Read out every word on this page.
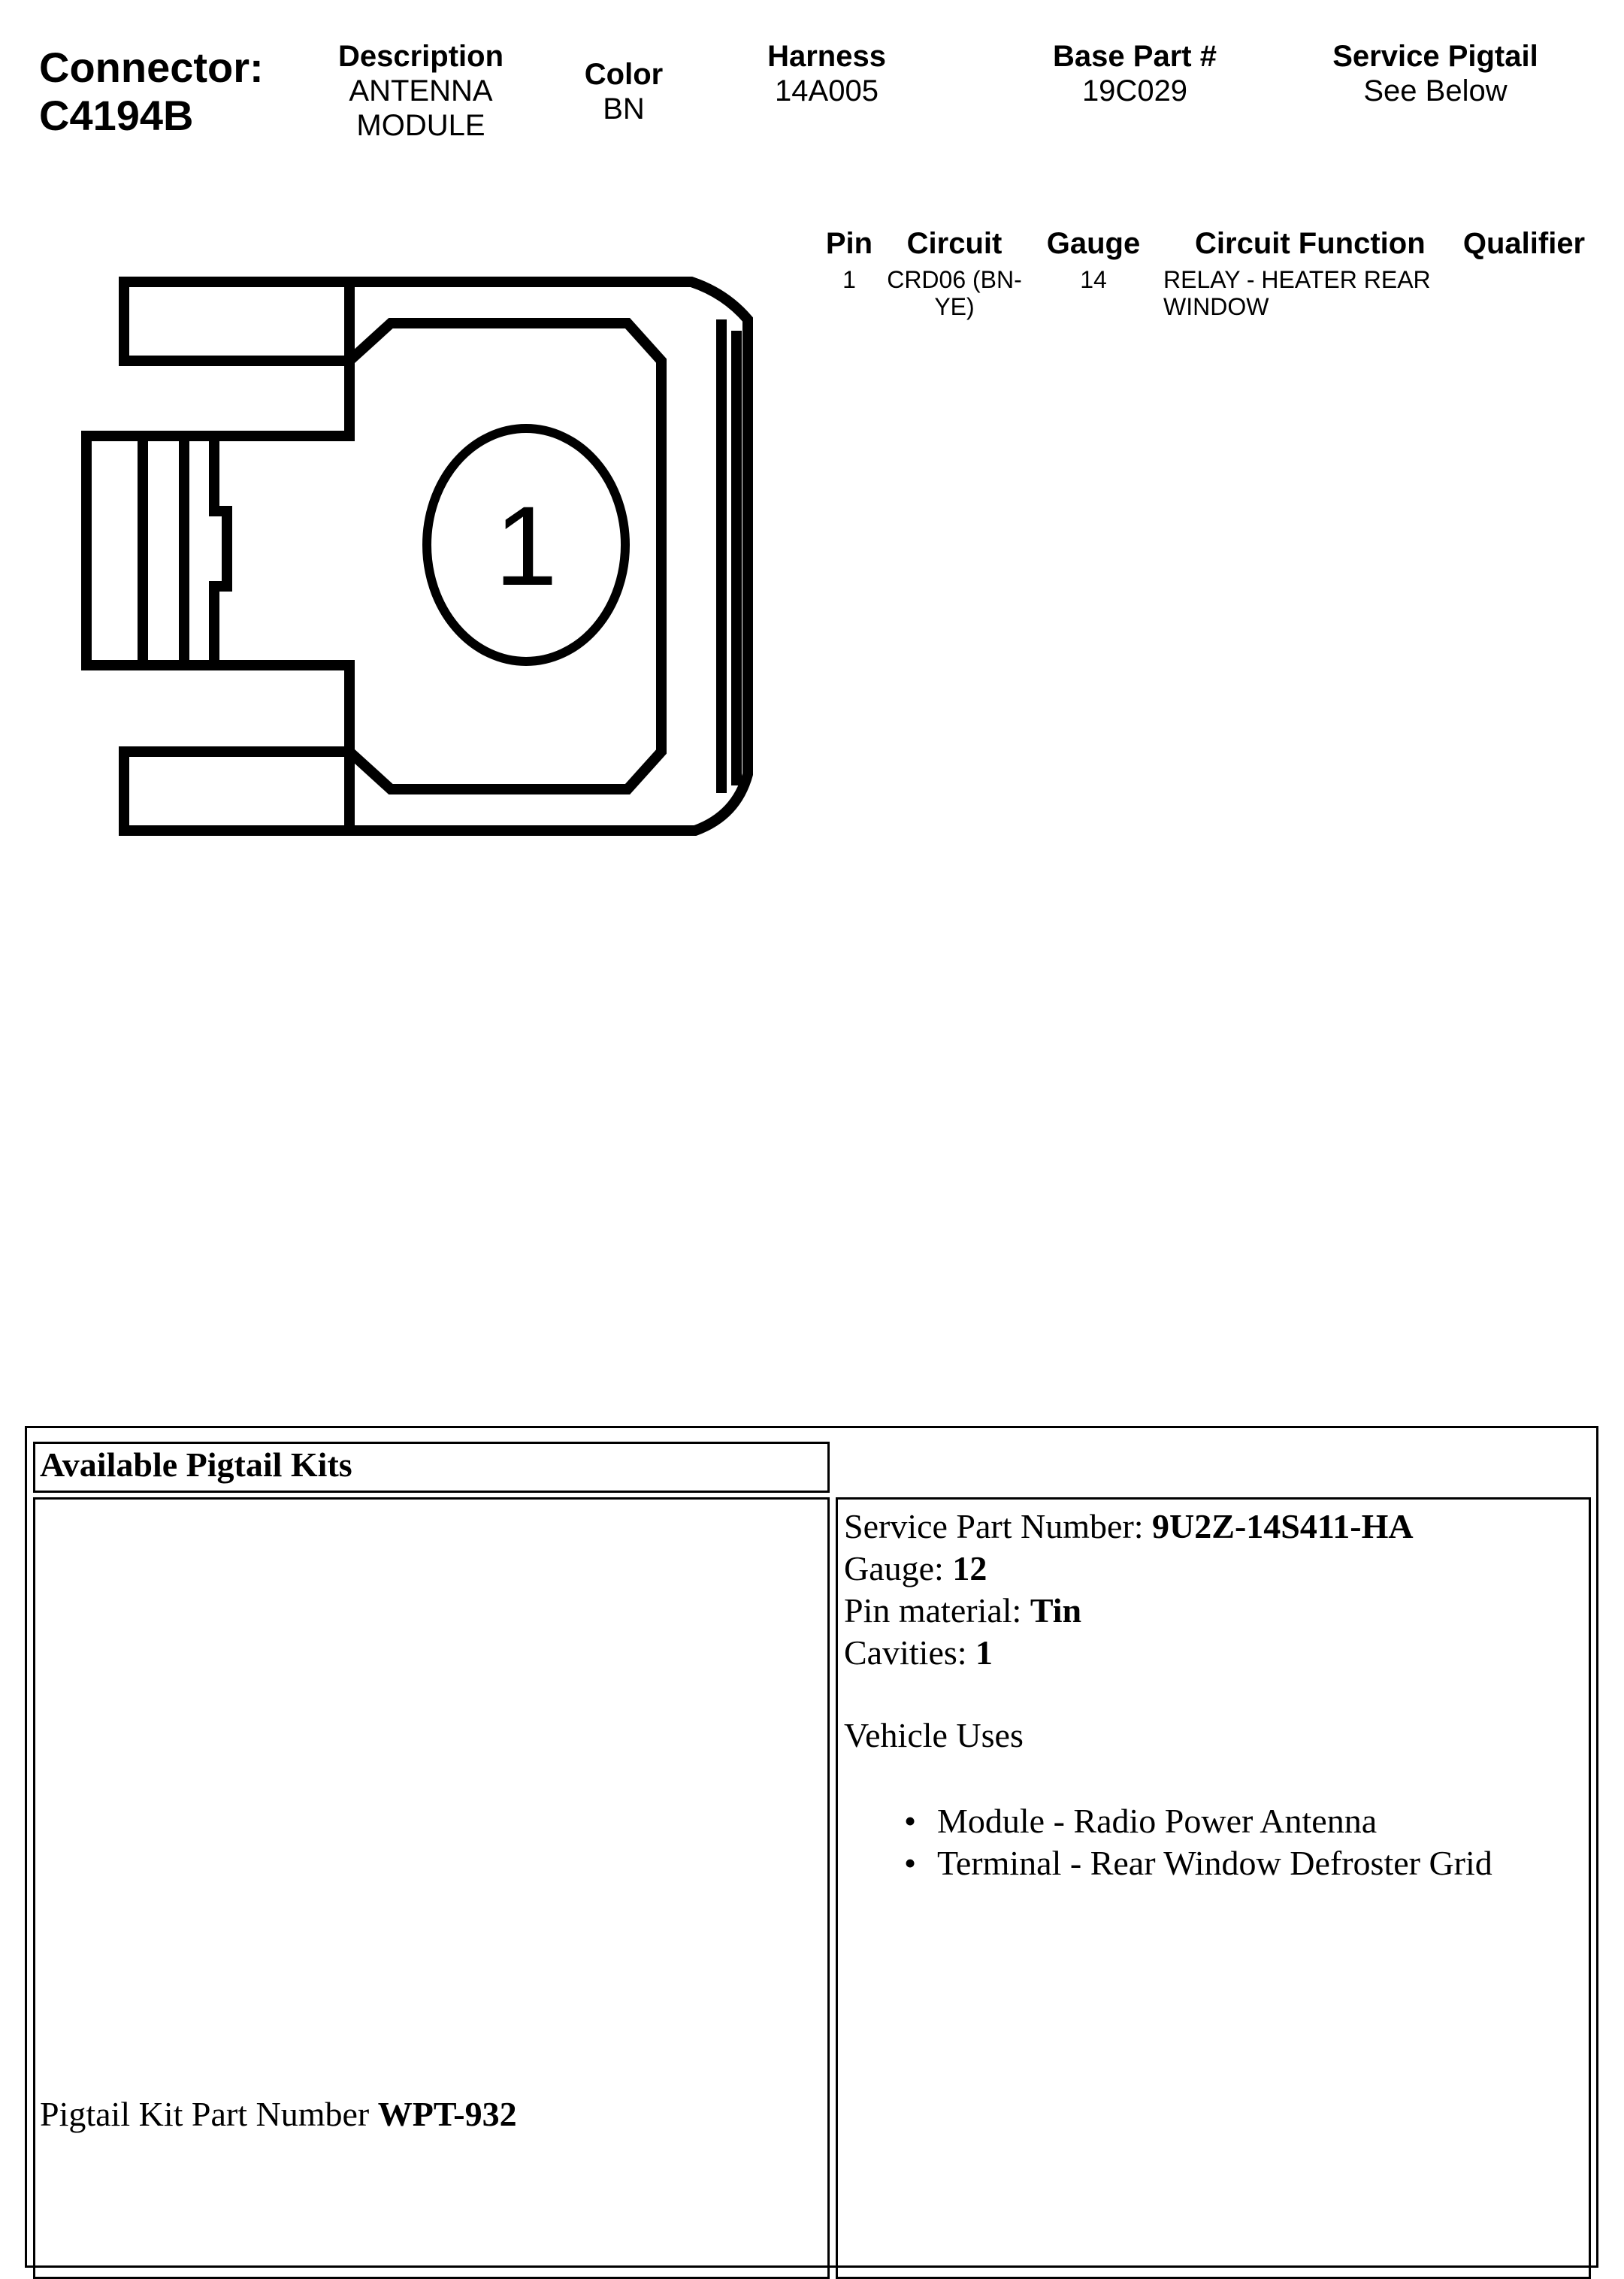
Connector:
C4194B
Description
ANTENNA
MODULE
Color
BN
Harness
14A005
Base Part #
19C029
Service Pigtail
See Below
1
Pin
1
Circuit
CRD06 (BN-
YE)
Gauge
14
Circuit Function
RELAY - HEATER REAR
WINDOW
Qualifier
Available Pigtail Kits
Pigtail Kit Part Number WPT-932
Service Part Number: 9U2Z-14S411-HA
Gauge: 12
Pin material: Tin
Cavities: 1
Vehicle Uses
• Module - Radio Power Antenna
• Terminal - Rear Window Defroster Grid
